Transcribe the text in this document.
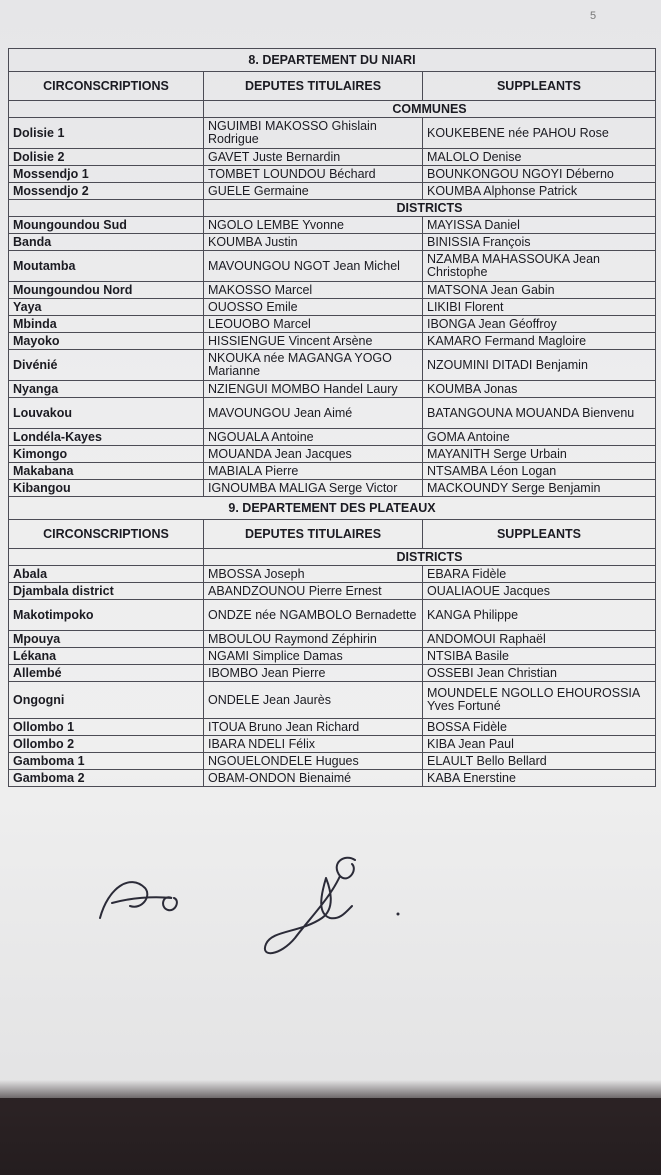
5
8. DEPARTEMENT DU NIARI		
CIRCONSCRIPTIONS	DEPUTES TITULAIRES	SUPPLEANTS
	COMMUNES	
Dolisie 1	NGUIMBI MAKOSSO Ghislain Rodrigue	KOUKEBENE née PAHOU Rose
Dolisie 2	GAVET Juste Bernardin	MALOLO Denise
Mossendjo 1	TOMBET LOUNDOU Béchard	BOUNKONGOU NGOYI Déberno
Mossendjo 2	GUELE Germaine	KOUMBA Alphonse Patrick
	DISTRICTS	
Moungoundou Sud	NGOLO LEMBE Yvonne	MAYISSA Daniel
Banda	KOUMBA Justin	BINISSIA François
Moutamba	MAVOUNGOU NGOT Jean Michel	NZAMBA MAHASSOUKA Jean Christophe
Moungoundou Nord	MAKOSSO Marcel	MATSONA Jean Gabin
Yaya	OUOSSO Emile	LIKIBI Florent
Mbinda	LEOUOBO Marcel	IBONGA Jean Géoffroy
Mayoko	HISSIENGUE Vincent Arsène	KAMARO Fermand Magloire
Divénié	NKOUKA née MAGANGA YOGO Marianne	NZOUMINI DITADI Benjamin
Nyanga	NZIENGUI MOMBO Handel Laury	KOUMBA Jonas
Louvakou	MAVOUNGOU Jean Aimé	BATANGOUNA MOUANDA Bienvenu
Londéla-Kayes	NGOUALA Antoine	GOMA Antoine
Kimongo	MOUANDA Jean Jacques	MAYANITH Serge Urbain
Makabana	MABIALA Pierre	NTSAMBA Léon Logan
Kibangou	IGNOUMBA MALIGA Serge Victor	MACKOUNDY Serge Benjamin
9. DEPARTEMENT DES PLATEAUX		
CIRCONSCRIPTIONS	DEPUTES TITULAIRES	SUPPLEANTS
	DISTRICTS	
Abala	MBOSSA Joseph	EBARA Fidèle
Djambala district	ABANDZOUNOU Pierre Ernest	OUALIAOUE Jacques
Makotimpoko	ONDZE née NGAMBOLO Bernadette	KANGA Philippe
Mpouya	MBOULOU Raymond Zéphirin	ANDOMOUI Raphaël
Lékana	NGAMI Simplice Damas	NTSIBA Basile
Allembé	IBOMBO Jean Pierre	OSSEBI Jean Christian
Ongogni	ONDELE Jean Jaurès	MOUNDELE NGOLLO EHOUROSSIA Yves Fortuné
Ollombo 1	ITOUA Bruno Jean Richard	BOSSA Fidèle
Ollombo 2	IBARA NDELI Félix	KIBA Jean Paul
Gamboma 1	NGOUELONDELE Hugues	ELAULT Bello Bellard
Gamboma 2	OBAM-ONDON Bienaimé	KABA Enerstine
